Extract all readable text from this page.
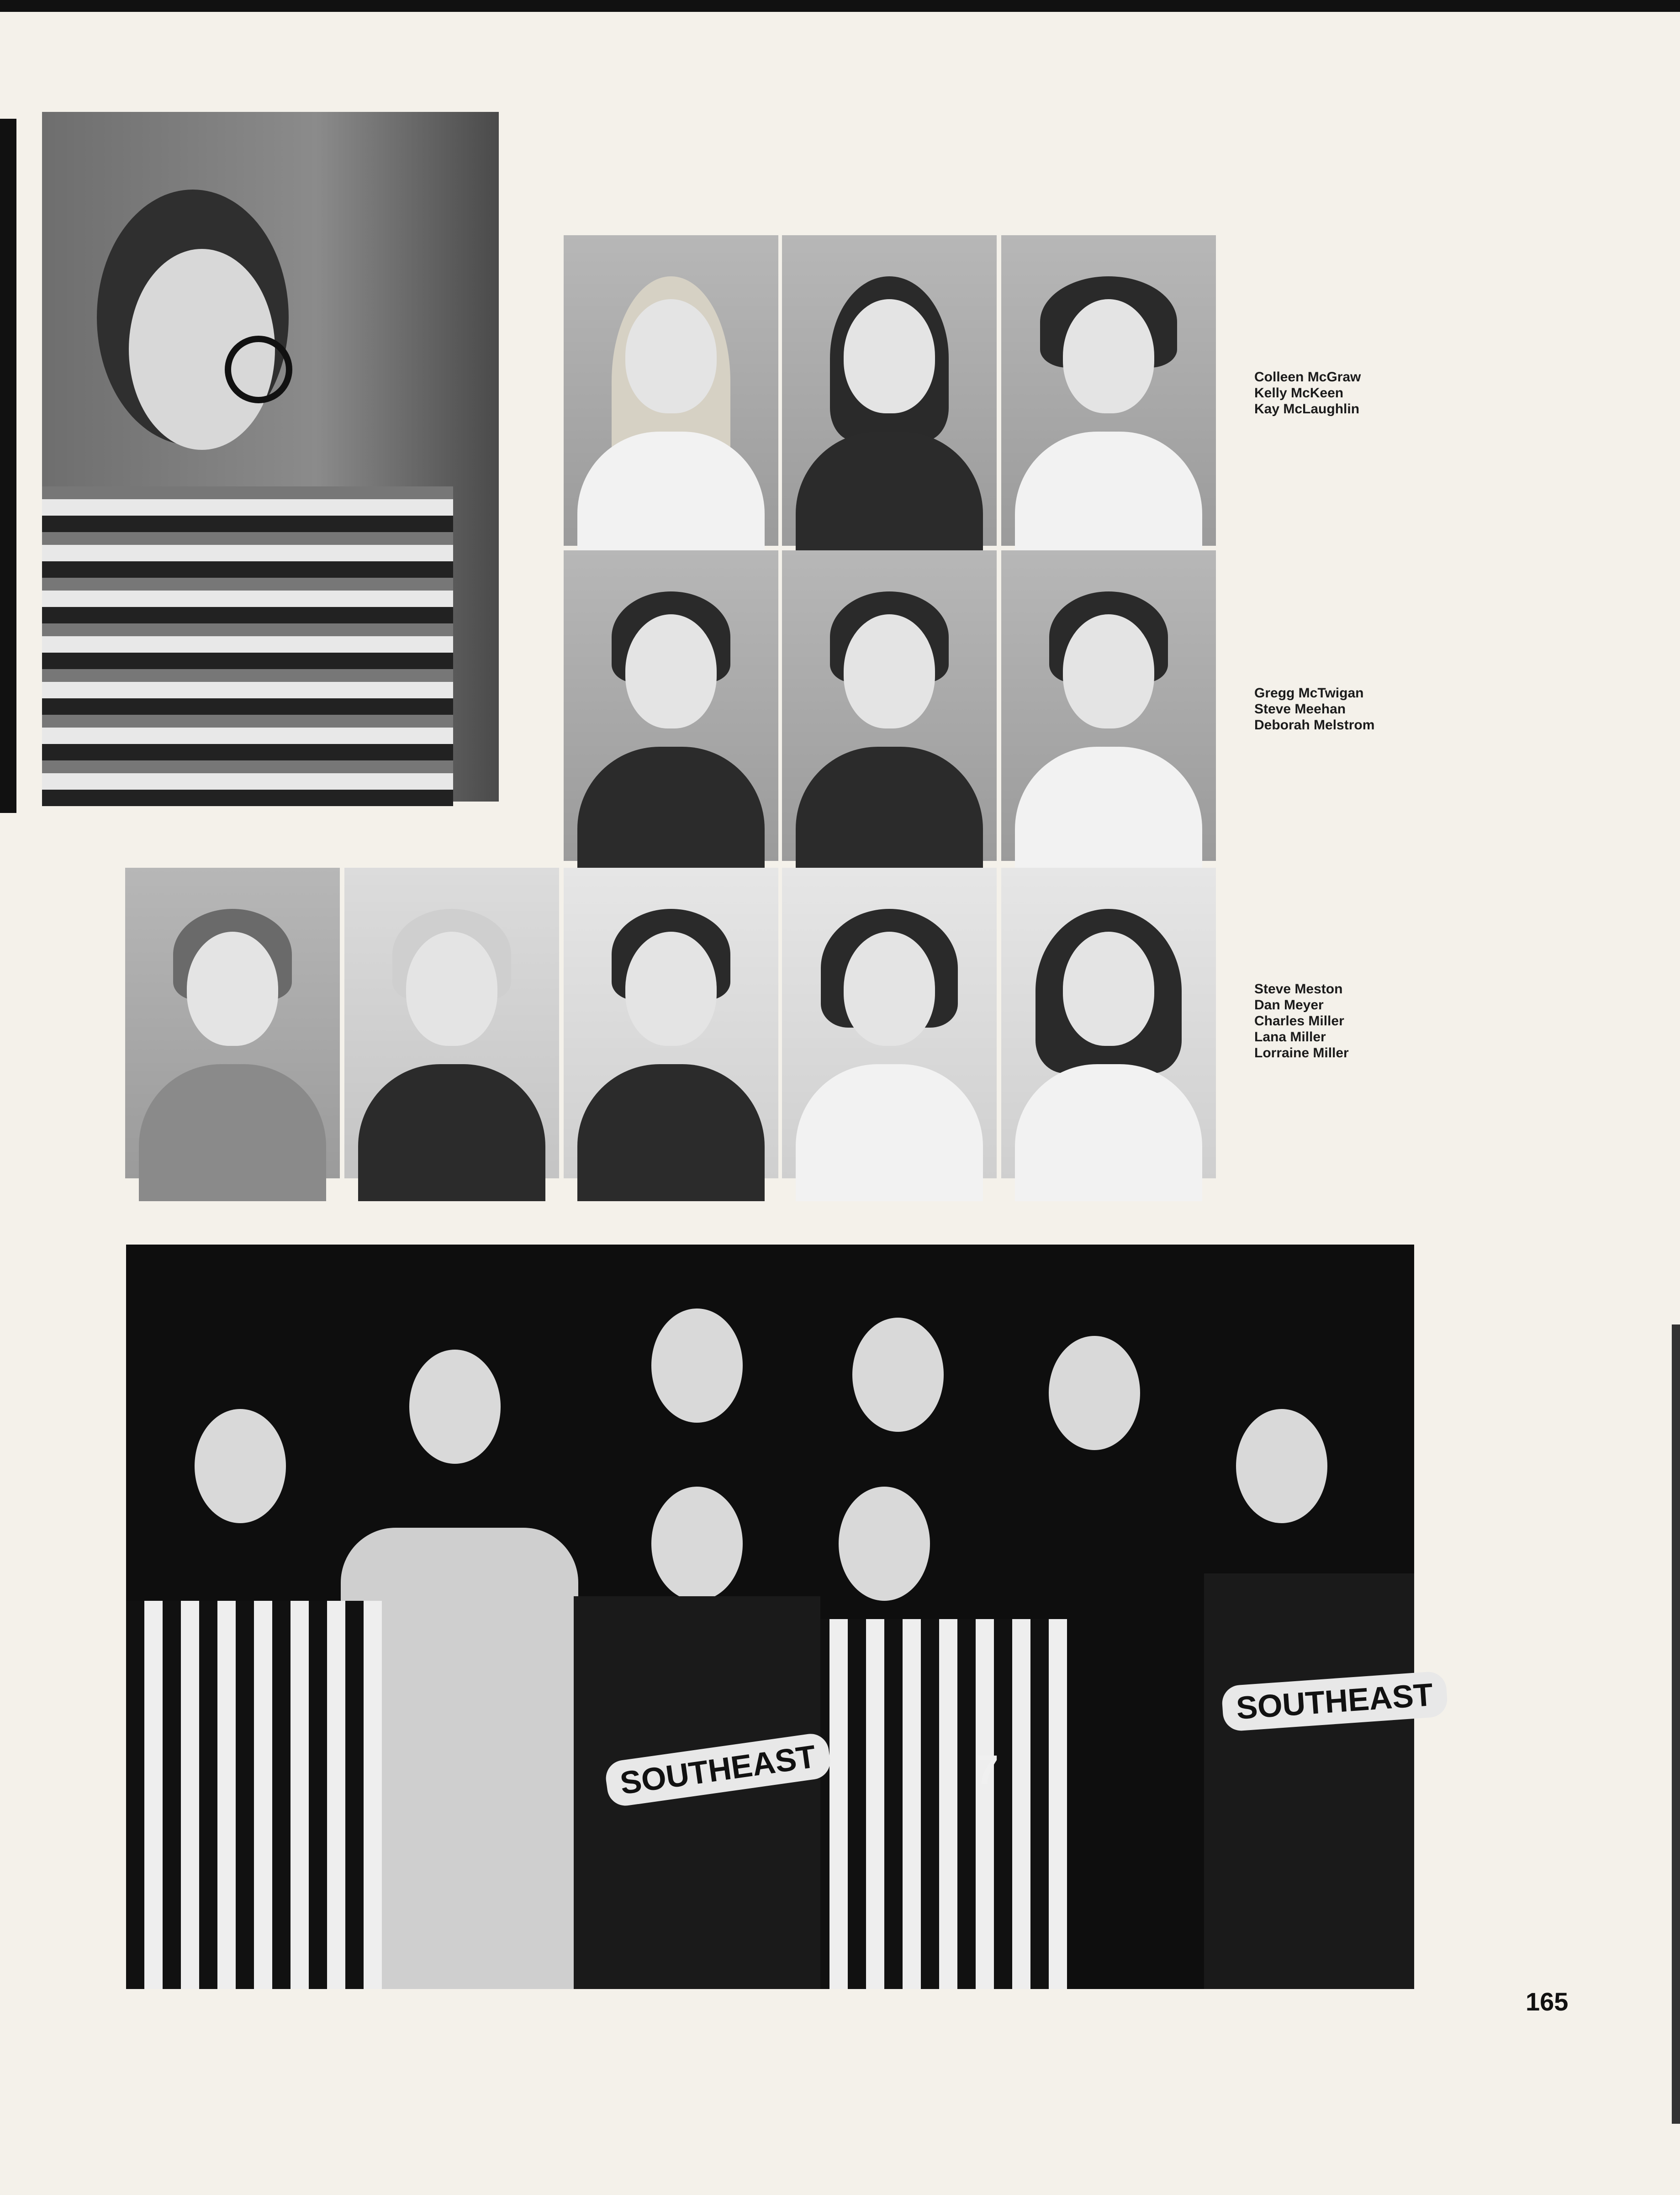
Colleen McGraw
Kelly McKeen
Kay McLaughlin
Gregg McTwigan
Steve Meehan
Deborah Melstrom
Steve Meston
Dan Meyer
Charles Miller
Lana Miller
Lorraine Miller
SOUTHEAST
SOUTHEAST
7
165
